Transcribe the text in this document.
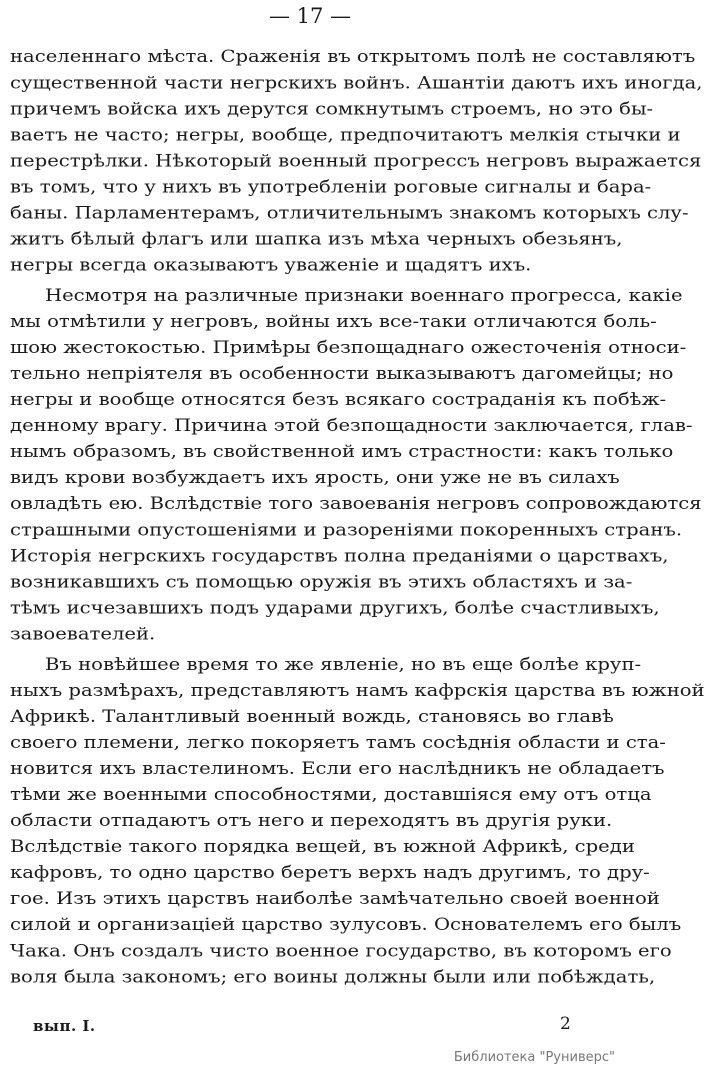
— 17 —
населеннаго мѣста. Сраженія въ открытомъ полѣ не составляютъ
существенной части негрскихъ войнъ. Ашантіи даютъ ихъ иногда,
причемъ войска ихъ дерутся сомкнутымъ строемъ, но это бы-
ваетъ не часто; негры, вообще, предпочитаютъ мелкія стычки и
перестрѣлки. Нѣкоторый военный прогрессъ негровъ выражается
въ томъ, что у нихъ въ употребленіи роговые сигналы и бара-
баны. Парламентерамъ, отличительнымъ знакомъ которыхъ слу-
житъ бѣлый флагъ или шапка изъ мѣха черныхъ обезьянъ,
негры всегда оказываютъ уваженіе и щадятъ ихъ.
Несмотря на различные признаки военнаго прогресса, какіе
мы отмѣтили у негровъ, войны ихъ все-таки отличаются боль-
шою жестокостью. Примѣры безпощаднаго ожесточенія относи-
тельно непріятеля въ особенности выказываютъ дагомейцы; но
негры и вообще относятся безъ всякаго состраданія къ побѣж-
денному врагу. Причина этой безпощадности заключается, глав-
нымъ образомъ, въ свойственной имъ страстности: какъ только
видъ крови возбуждаетъ ихъ ярость, они уже не въ силахъ
овладѣть ею. Вслѣдствіе того завоеванія негровъ сопровождаются
страшными опустошеніями и разореніями покоренныхъ странъ.
Исторія негрскихъ государствъ полна преданіями о царствахъ,
возникавшихъ съ помощью оружія въ этихъ областяхъ и за-
тѣмъ исчезавшихъ подъ ударами другихъ, болѣе счастливыхъ,
завоевателей.
Въ новѣйшее время то же явленіе, но въ еще болѣе круп-
ныхъ размѣрахъ, представляютъ намъ кафрскія царства въ южной
Африкѣ. Талантливый военный вождь, становясь во главѣ
своего племени, легко покоряетъ тамъ сосѣднія области и ста-
новится ихъ властелиномъ. Если его наслѣдникъ не обладаетъ
тѣми же военными способностями, доставшіяся ему отъ отца
области отпадаютъ отъ него и переходятъ въ другія руки.
Вслѣдствіе такого порядка вещей, въ южной Африкѣ, среди
кафровъ, то одно царство беретъ верхъ надъ другимъ, то дру-
гое. Изъ этихъ царствъ наиболѣе замѣчательно своей военной
силой и организаціей царство зулусовъ. Основателемъ его былъ
Чака. Онъ создалъ чисто военное государство, въ которомъ его
воля была закономъ; его воины должны были или побѣждать,
вып. I.	2
Библиотека "Руниверс"
